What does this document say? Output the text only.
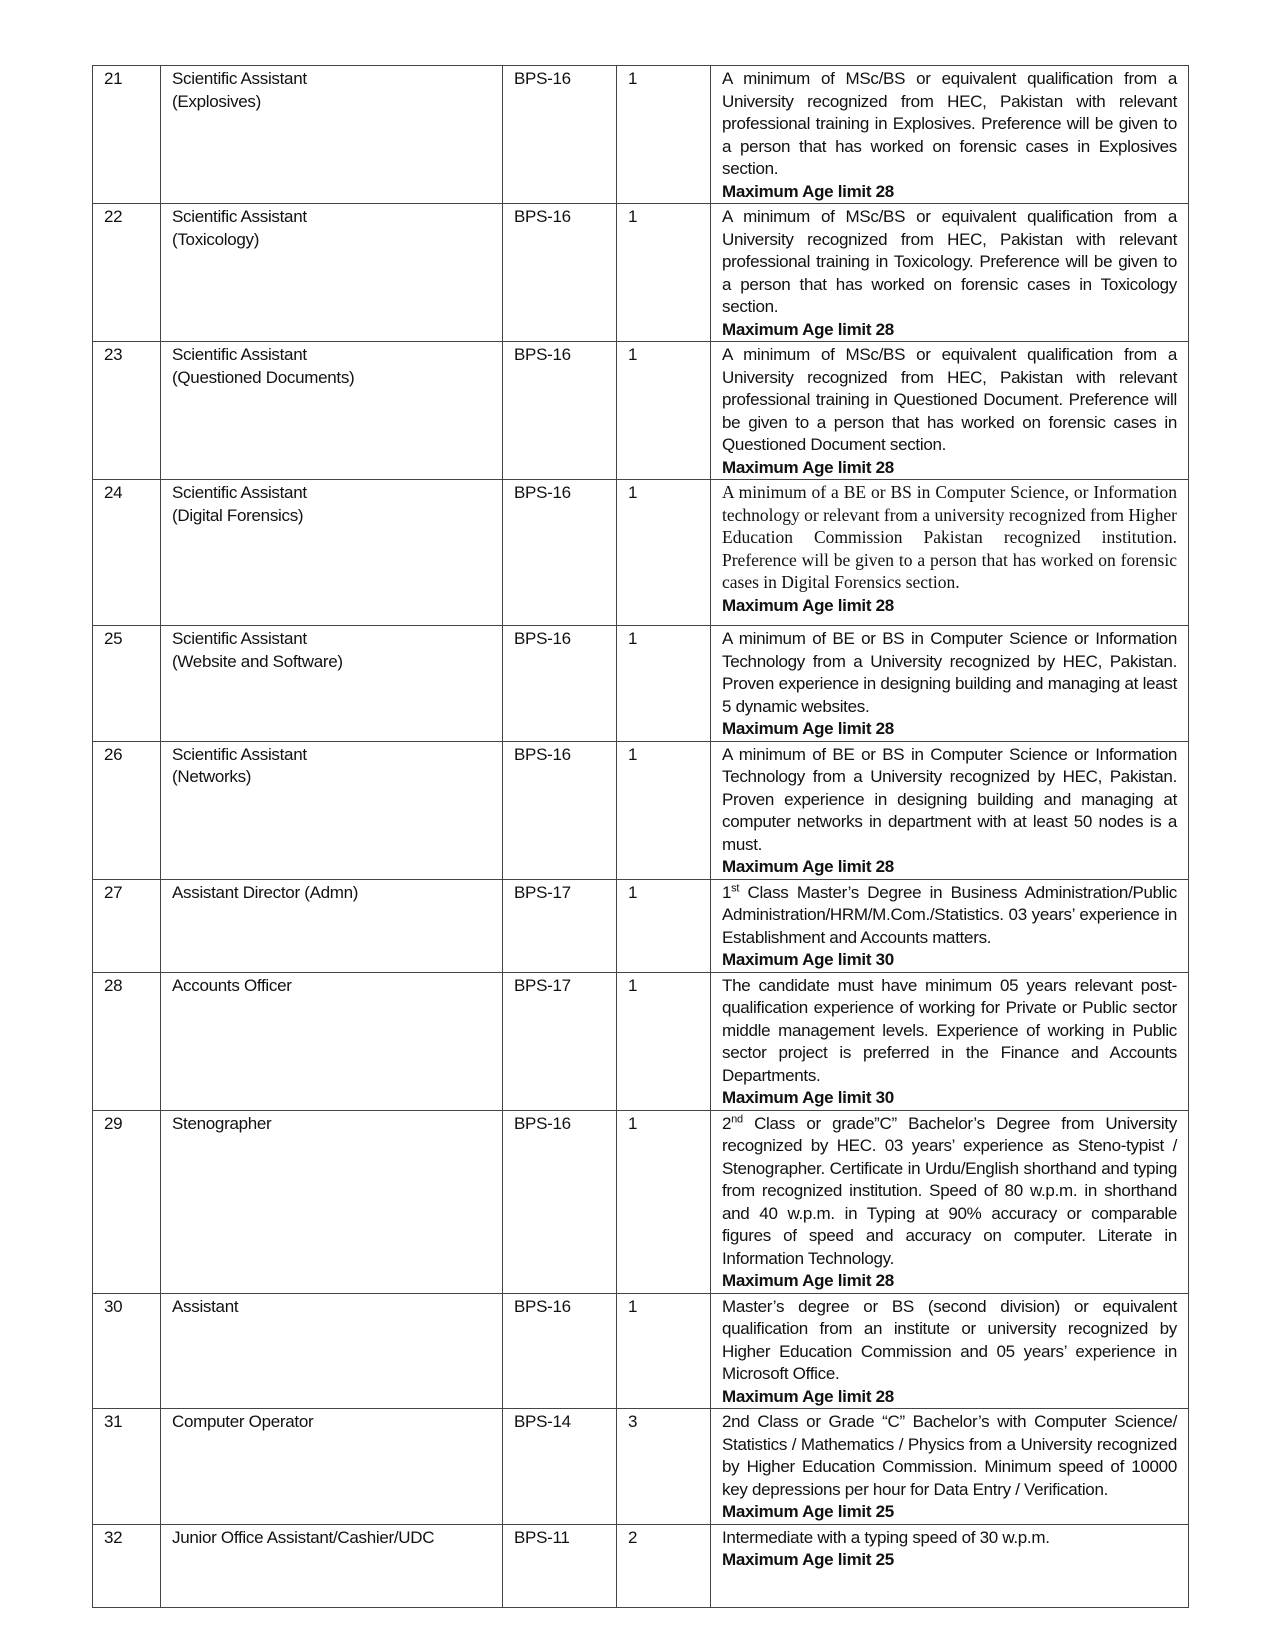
21	Scientific Assistant
(Explosives)	BPS-16	1	A minimum of MSc/BS or equivalent qualification from a University recognized from HEC, Pakistan with relevant professional training in Explosives. Preference will be given to a person that has worked on forensic cases in Explosives section.
Maximum Age limit 28

22	Scientific Assistant
(Toxicology)	BPS-16	1	A minimum of MSc/BS or equivalent qualification from a University recognized from HEC, Pakistan with relevant professional training in Toxicology. Preference will be given to a person that has worked on forensic cases in Toxicology section.
Maximum Age limit 28

23	Scientific Assistant
(Questioned Documents)	BPS-16	1	A minimum of MSc/BS or equivalent qualification from a University recognized from HEC, Pakistan with relevant professional training in Questioned Document. Preference will be given to a person that has worked on forensic cases in Questioned Document section.
Maximum Age limit 28

24	Scientific Assistant
(Digital Forensics)	BPS-16	1	A minimum of a BE or BS in Computer Science, or Information technology or relevant from a university recognized from Higher Education Commission Pakistan recognized institution. Preference will be given to a person that has worked on forensic cases in Digital Forensics section.
Maximum Age limit 28

25	Scientific Assistant
(Website and Software)	BPS-16	1	A minimum of BE or BS in Computer Science or Information Technology from a University recognized by HEC, Pakistan. Proven experience in designing building and managing at least 5 dynamic websites.
Maximum Age limit 28

26	Scientific Assistant
(Networks)	BPS-16	1	A minimum of BE or BS in Computer Science or Information Technology from a University recognized by HEC, Pakistan. Proven experience in designing building and managing at computer networks in department with at least 50 nodes is a must.
Maximum Age limit 28

27	Assistant Director (Admn)	BPS-17	1	1st Class Master’s Degree in Business Administration/Public Administration/HRM/M.Com./Statistics. 03 years’ experience in Establishment and Accounts matters.
Maximum Age limit 30

28	Accounts Officer	BPS-17	1	The candidate must have minimum 05 years relevant post-qualification experience of working for Private or Public sector middle management levels. Experience of working in Public sector project is preferred in the Finance and Accounts Departments.
Maximum Age limit 30

29	Stenographer	BPS-16	1	2nd Class or grade”C” Bachelor’s Degree from University recognized by HEC. 03 years’ experience as Steno-typist / Stenographer. Certificate in Urdu/English shorthand and typing from recognized institution. Speed of 80 w.p.m. in shorthand and 40 w.p.m. in Typing at 90% accuracy or comparable figures of speed and accuracy on computer. Literate in Information Technology.
Maximum Age limit 28

30	Assistant	BPS-16	1	Master’s degree or BS (second division) or equivalent qualification from an institute or university recognized by Higher Education Commission and 05 years’ experience in Microsoft Office.
Maximum Age limit 28

31	Computer Operator	BPS-14	3	2nd Class or Grade “C” Bachelor’s with Computer Science/ Statistics / Mathematics / Physics from a University recognized by Higher Education Commission. Minimum speed of 10000 key depressions per hour for Data Entry / Verification.
Maximum Age limit 25

32	Junior Office Assistant/Cashier/UDC	BPS-11	2	Intermediate with a typing speed of 30 w.p.m.
Maximum Age limit 25
